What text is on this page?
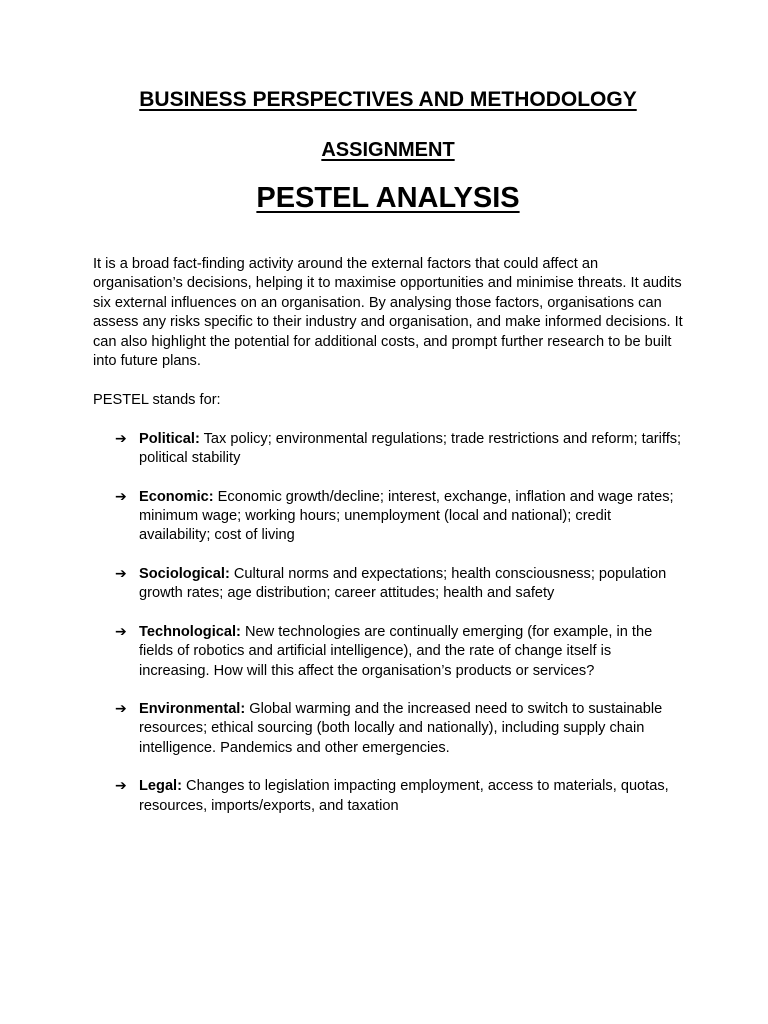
BUSINESS PERSPECTIVES AND METHODOLOGY
ASSIGNMENT
PESTEL ANALYSIS

It is a broad fact-finding activity around the external factors that could affect an organisation’s decisions, helping it to maximise opportunities and minimise threats. It audits six external influences on an organisation. By analysing those factors, organisations can assess any risks specific to their industry and organisation, and make informed decisions. It can also highlight the potential for additional costs, and prompt further research to be built into future plans.

PESTEL stands for:

➔ Political: Tax policy; environmental regulations; trade restrictions and reform; tariffs; political stability
➔ Economic: Economic growth/decline; interest, exchange, inflation and wage rates; minimum wage; working hours; unemployment (local and national); credit availability; cost of living
➔ Sociological: Cultural norms and expectations; health consciousness; population growth rates; age distribution; career attitudes; health and safety
➔ Technological: New technologies are continually emerging (for example, in the fields of robotics and artificial intelligence), and the rate of change itself is increasing. How will this affect the organisation’s products or services?
➔ Environmental: Global warming and the increased need to switch to sustainable resources; ethical sourcing (both locally and nationally), including supply chain intelligence. Pandemics and other emergencies.
➔ Legal: Changes to legislation impacting employment, access to materials, quotas, resources, imports/exports, and taxation
